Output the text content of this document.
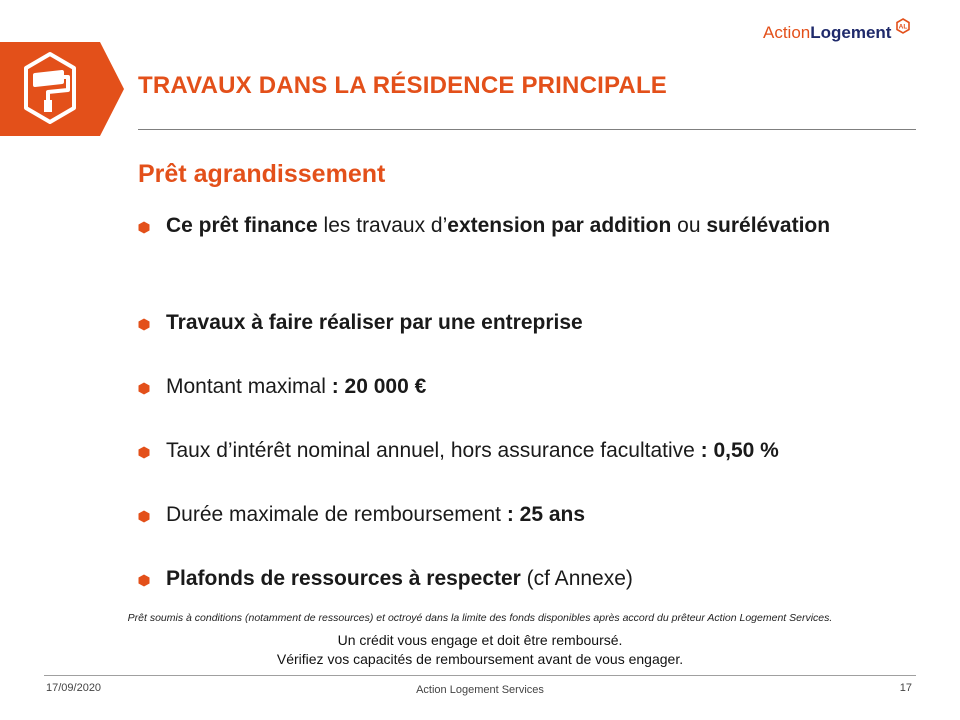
ActionLogement AL
TRAVAUX DANS LA RÉSIDENCE PRINCIPALE
Prêt agrandissement
Ce prêt finance les travaux d’extension par addition ou surélévation
Travaux à faire réaliser par une entreprise
Montant maximal : 20 000 €
Taux d’intérêt nominal annuel, hors assurance facultative : 0,50 %
Durée maximale de remboursement : 25 ans
Plafonds de ressources à respecter (cf Annexe)
Prêt soumis à conditions (notamment de ressources) et octroyé dans la limite des fonds disponibles après accord du prêteur Action Logement Services.
Un crédit vous engage et doit être remboursé.
Vérifiez vos capacités de remboursement avant de vous engager.
17/09/2020	Action Logement Services	17
